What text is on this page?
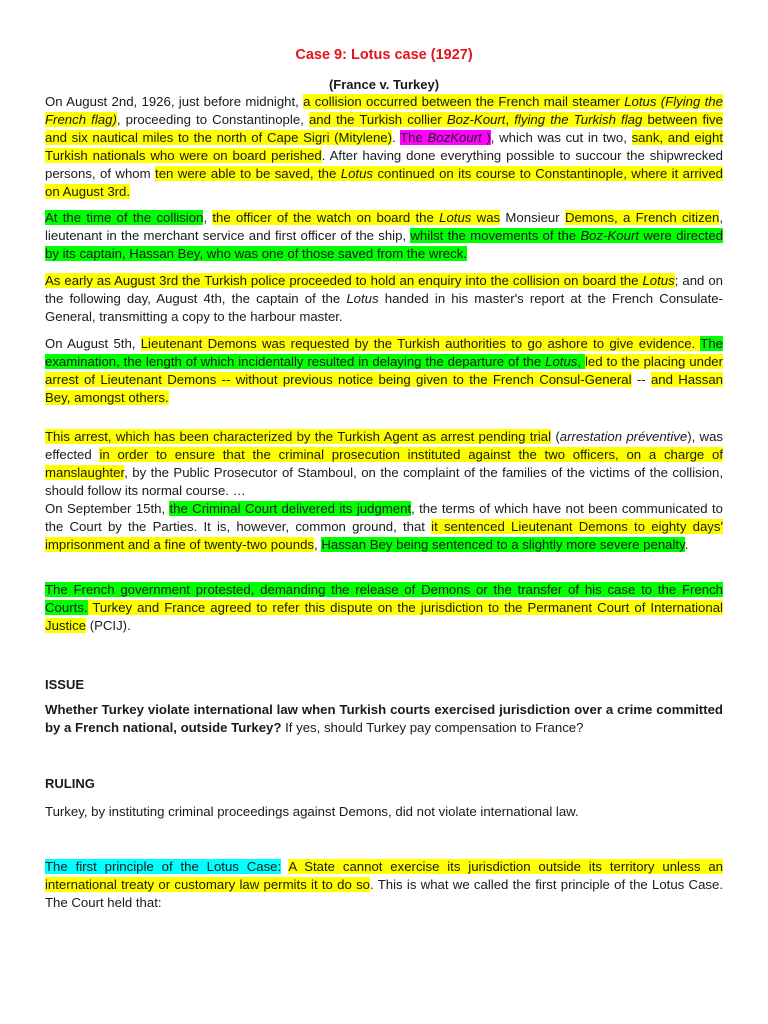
Case 9: Lotus case (1927)
(France v. Turkey)
On August 2nd, 1926, just before midnight, a collision occurred between the French mail steamer Lotus (Flying the French flag), proceeding to Constantinople, and the Turkish collier Boz-Kourt, flying the Turkish flag between five and six nautical miles to the north of Cape Sigri (Mitylene). The BozKourt ), which was cut in two, sank, and eight Turkish nationals who were on board perished. After having done everything possible to succour the shipwrecked persons, of whom ten were able to be saved, the Lotus continued on its course to Constantinople, where it arrived on August 3rd.
At the time of the collision, the officer of the watch on board the Lotus was Monsieur Demons, a French citizen, lieutenant in the merchant service and first officer of the ship, whilst the movements of the Boz-Kourt were directed by its captain, Hassan Bey, who was one of those saved from the wreck.
As early as August 3rd the Turkish police proceeded to hold an enquiry into the collision on board the Lotus; and on the following day, August 4th, the captain of the Lotus handed in his master's report at the French Consulate-General, transmitting a copy to the harbour master.
On August 5th, Lieutenant Demons was requested by the Turkish authorities to go ashore to give evidence. The examination, the length of which incidentally resulted in delaying the departure of the Lotus, led to the placing under arrest of Lieutenant Demons -- without previous notice being given to the French Consul-General -- and Hassan Bey, amongst others.
This arrest, which has been characterized by the Turkish Agent as arrest pending trial (arrestation préventive), was effected in order to ensure that the criminal prosecution instituted against the two officers, on a charge of manslaughter, by the Public Prosecutor of Stamboul, on the complaint of the families of the victims of the collision, should follow its normal course. …
On September 15th, the Criminal Court delivered its judgment, the terms of which have not been communicated to the Court by the Parties. It is, however, common ground, that it sentenced Lieutenant Demons to eighty days' imprisonment and a fine of twenty-two pounds, Hassan Bey being sentenced to a slightly more severe penalty.
The French government protested, demanding the release of Demons or the transfer of his case to the French Courts. Turkey and France agreed to refer this dispute on the jurisdiction to the Permanent Court of International Justice (PCIJ).
ISSUE
Whether Turkey violate international law when Turkish courts exercised jurisdiction over a crime committed by a French national, outside Turkey? If yes, should Turkey pay compensation to France?
RULING
Turkey, by instituting criminal proceedings against Demons, did not violate international law.
The first principle of the Lotus Case: A State cannot exercise its jurisdiction outside its territory unless an international treaty or customary law permits it to do so. This is what we called the first principle of the Lotus Case. The Court held that:
